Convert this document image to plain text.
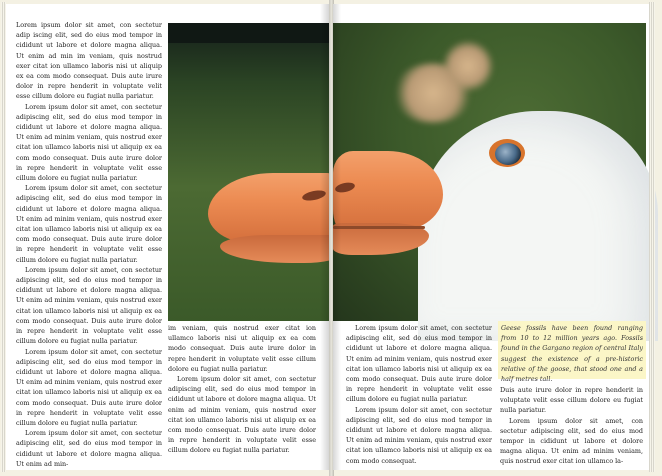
Lorem ipsum dolor sit amet, con sectetur adip iscing elit, sed do eius mod tempor in cididunt ut labore et dolore magna aliqua. Ut enim ad min im veniam, quis nostrud exer citat ion ullamco laboris nisi ut aliquip ex ea com modo consequat. Duis aute irure dolor in repre henderit in voluptate velit esse cillum dolore eu fugiat nulla pariatur.

Lorem ipsum dolor sit amet, con sectetur adipiscing elit, sed do eius mod tempor in cididunt ut labore et dolore magna aliqua. Ut enim ad minim veniam, quis nostrud exer citat ion ullamco laboris nisi ut aliquip ex ea com modo consequat. Duis aute irure dolor in repre henderit in voluptate velit esse cillum dolore eu fugiat nulla pariatur.

Lorem ipsum dolor sit amet, con sectetur adipiscing elit, sed do eius mod tempor in cididunt ut labore et dolore magna aliqua. Ut enim ad minim veniam, quis nostrud exer citat ion ullamco laboris nisi ut aliquip ex ea com modo consequat. Duis aute irure dolor in repre henderit in voluptate velit esse cillum dolore eu fugiat nulla pariatur.

Lorem ipsum dolor sit amet, con sectetur adipiscing elit, sed do eius mod tempor in cididunt ut labore et dolore magna aliqua. Ut enim ad minim veniam, quis nostrud exer citat ion ullamco laboris nisi ut aliquip ex ea com modo consequat. Duis aute irure dolor in repre henderit in voluptate velit esse cillum dolore eu fugiat nulla pariatur.

Lorem ipsum dolor sit amet, con sectetur adipiscing elit, sed do eius mod tempor in cididunt ut labore et dolore magna aliqua. Ut enim ad minim veniam, quis nostrud exer citat ion ullamco laboris nisi ut aliquip ex ea com modo consequat. Duis aute irure dolor in repre henderit in voluptate velit esse cillum dolore eu fugiat nulla pariatur.

Lorem ipsum dolor sit amet, con sectetur adipiscing elit, sed do eius mod tempor in cididunt ut labore et dolore magna aliqua. Ut enim ad min-

im veniam, quis nostrud exer citat ion ullamco laboris nisi ut aliquip ex ea com modo consequat. Duis aute irure dolor in repre henderit in voluptate velit esse cillum dolore eu fugiat nulla pariatur.

Lorem ipsum dolor sit amet, con sectetur adipiscing elit, sed do eius mod tempor in cididunt ut labore et dolore magna aliqua. Ut enim ad minim veniam, quis nostrud exer citat ion ullamco laboris nisi ut aliquip ex ea com modo consequat. Duis aute irure dolor in repre henderit in voluptate velit esse cillum dolore eu fugiat nulla pariatur.

Lorem ipsum dolor sit amet, con sectetur adipiscing elit, sed do eius mod tempor in cididunt ut labore et dolore magna aliqua. Ut enim ad minim veniam, quis nostrud exer citat ion ullamco laboris nisi ut aliquip ex ea com modo consequat. Duis aute irure dolor in repre henderit in voluptate velit esse cillum dolore eu fugiat nulla pariatur.

Lorem ipsum dolor sit amet, con sectetur adipiscing elit, sed do eius mod tempor in cididunt ut labore et dolore magna aliqua. Ut enim ad minim veniam, quis nostrud exer citat ion ullamco laboris nisi ut aliquip ex ea com modo consequat.

Geese fossils have been found ranging from 10 to 12 million years ago. Fossils found in the Gargano region of central Italy suggest the existence of a pre-historic relative of the goose, that stood one and a half metres tall.

Duis aute irure dolor in repre henderit in voluptate velit esse cillum dolore eu fugiat nulla pariatur.

Lorem ipsum dolor sit amet, con sectetur adipiscing elit, sed do eius mod tempor in cididunt ut labore et dolore magna aliqua. Ut enim ad minim veniam, quis nostrud exer citat ion ullamco la-
